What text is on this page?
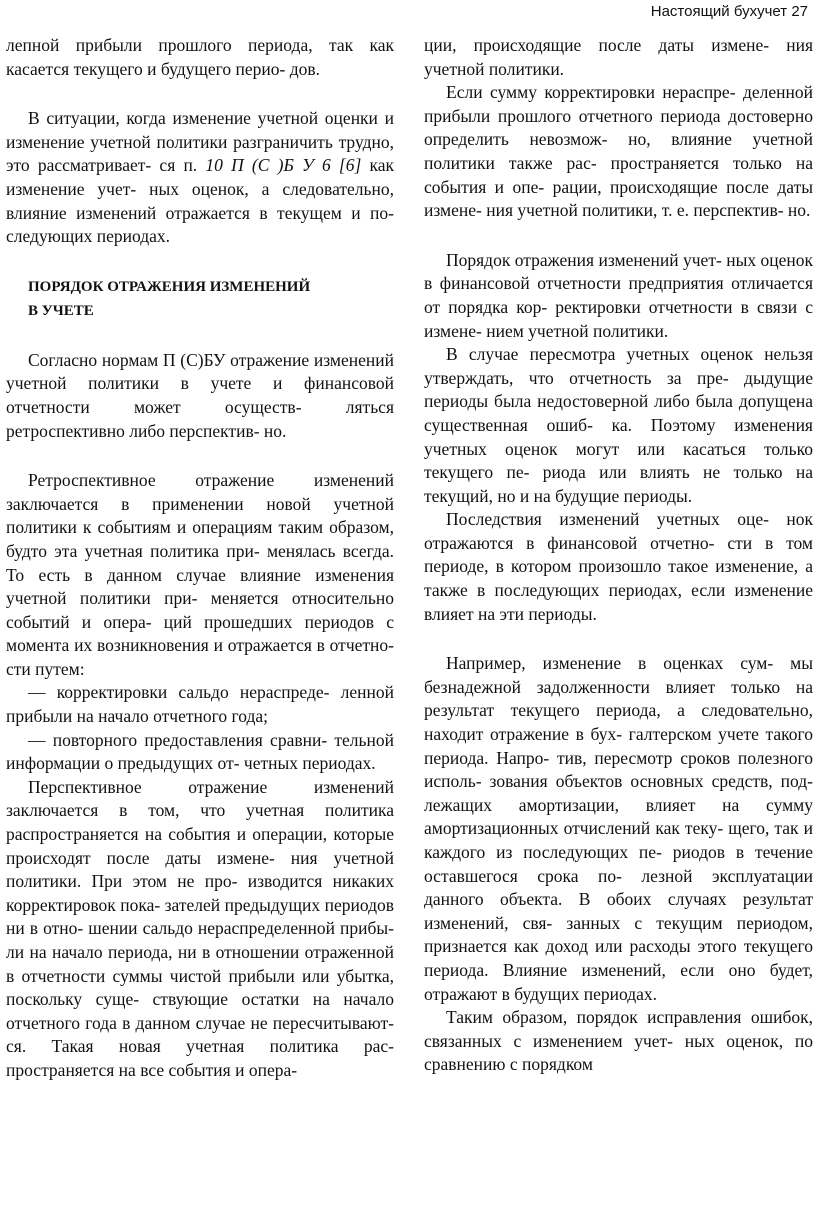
Настоящий бухучет 27

лепной прибыли прошлого периода, так как касается текущего и будущего перио- дов.

В ситуации, когда изменение учетной оценки и изменение учетной политики разграничить трудно, это рассматривает- ся п. 10 П (С )Б У 6 [6] как изменение учет- ных оценок, а следовательно, влияние изменений отражается в текущем и по- следующих периодах.

ПОРЯДОК ОТРАЖЕНИЯ ИЗМЕНЕНИЙ
В УЧЕТЕ

Согласно нормам П (С)БУ отражение изменений учетной политики в учете и финансовой отчетности может осуществ- ляться ретроспективно либо перспектив- но.

Ретроспективное отражение изменений заключается в применении новой учетной политики к событиям и операциям таким образом, будто эта учетная политика при- менялась всегда. То есть в данном случае влияние изменения учетной политики при- меняется относительно событий и опера- ций прошедших периодов с момента их возникновения и отражается в отчетно- сти путем:

— корректировки сальдо нераспреде- ленной прибыли на начало отчетного года;

— повторного предоставления сравни- тельной информации о предыдущих от- четных периодах.

Перспективное отражение изменений заключается в том, что учетная политика распространяется на события и операции, которые происходят после даты измене- ния учетной политики. При этом не про- изводится никаких корректировок пока- зателей предыдущих периодов ни в отно- шении сальдо нераспределенной прибы- ли на начало периода, ни в отношении отраженной в отчетности суммы чистой прибыли или убытка, поскольку суще- ствующие остатки на начало отчетного года в данном случае не пересчитывают- ся. Такая новая учетная политика рас- пространяется на все события и опера-

ции, происходящие после даты измене- ния учетной политики.

Если сумму корректировки нераспре- деленной прибыли прошлого отчетного периода достоверно определить невозмож- но, влияние учетной политики также рас- пространяется только на события и опе- рации, происходящие после даты измене- ния учетной политики, т. е. перспектив- но.

Порядок отражения изменений учет- ных оценок в финансовой отчетности предприятия отличается от порядка кор- ректировки отчетности в связи с измене- нием учетной политики.

В случае пересмотра учетных оценок нельзя утверждать, что отчетность за пре- дыдущие периоды была недостоверной либо была допущена существенная ошиб- ка. Поэтому изменения учетных оценок могут или касаться только текущего пе- риода или влиять не только на текущий, но и на будущие периоды.

Последствия изменений учетных оце- нок отражаются в финансовой отчетно- сти в том периоде, в котором произошло такое изменение, а также в последующих периодах, если изменение влияет на эти периоды.

Например, изменение в оценках сум- мы безнадежной задолженности влияет только на результат текущего периода, а следовательно, находит отражение в бух- галтерском учете такого периода. Напро- тив, пересмотр сроков полезного исполь- зования объектов основных средств, под- лежащих амортизации, влияет на сумму амортизационных отчислений как теку- щего, так и каждого из последующих пе- риодов в течение оставшегося срока по- лезной эксплуатации данного объекта. В обоих случаях результат изменений, свя- занных с текущим периодом, признается как доход или расходы этого текущего периода. Влияние изменений, если оно будет, отражают в будущих периодах.

Таким образом, порядок исправления ошибок, связанных с изменением учет- ных оценок, по сравнению с порядком
